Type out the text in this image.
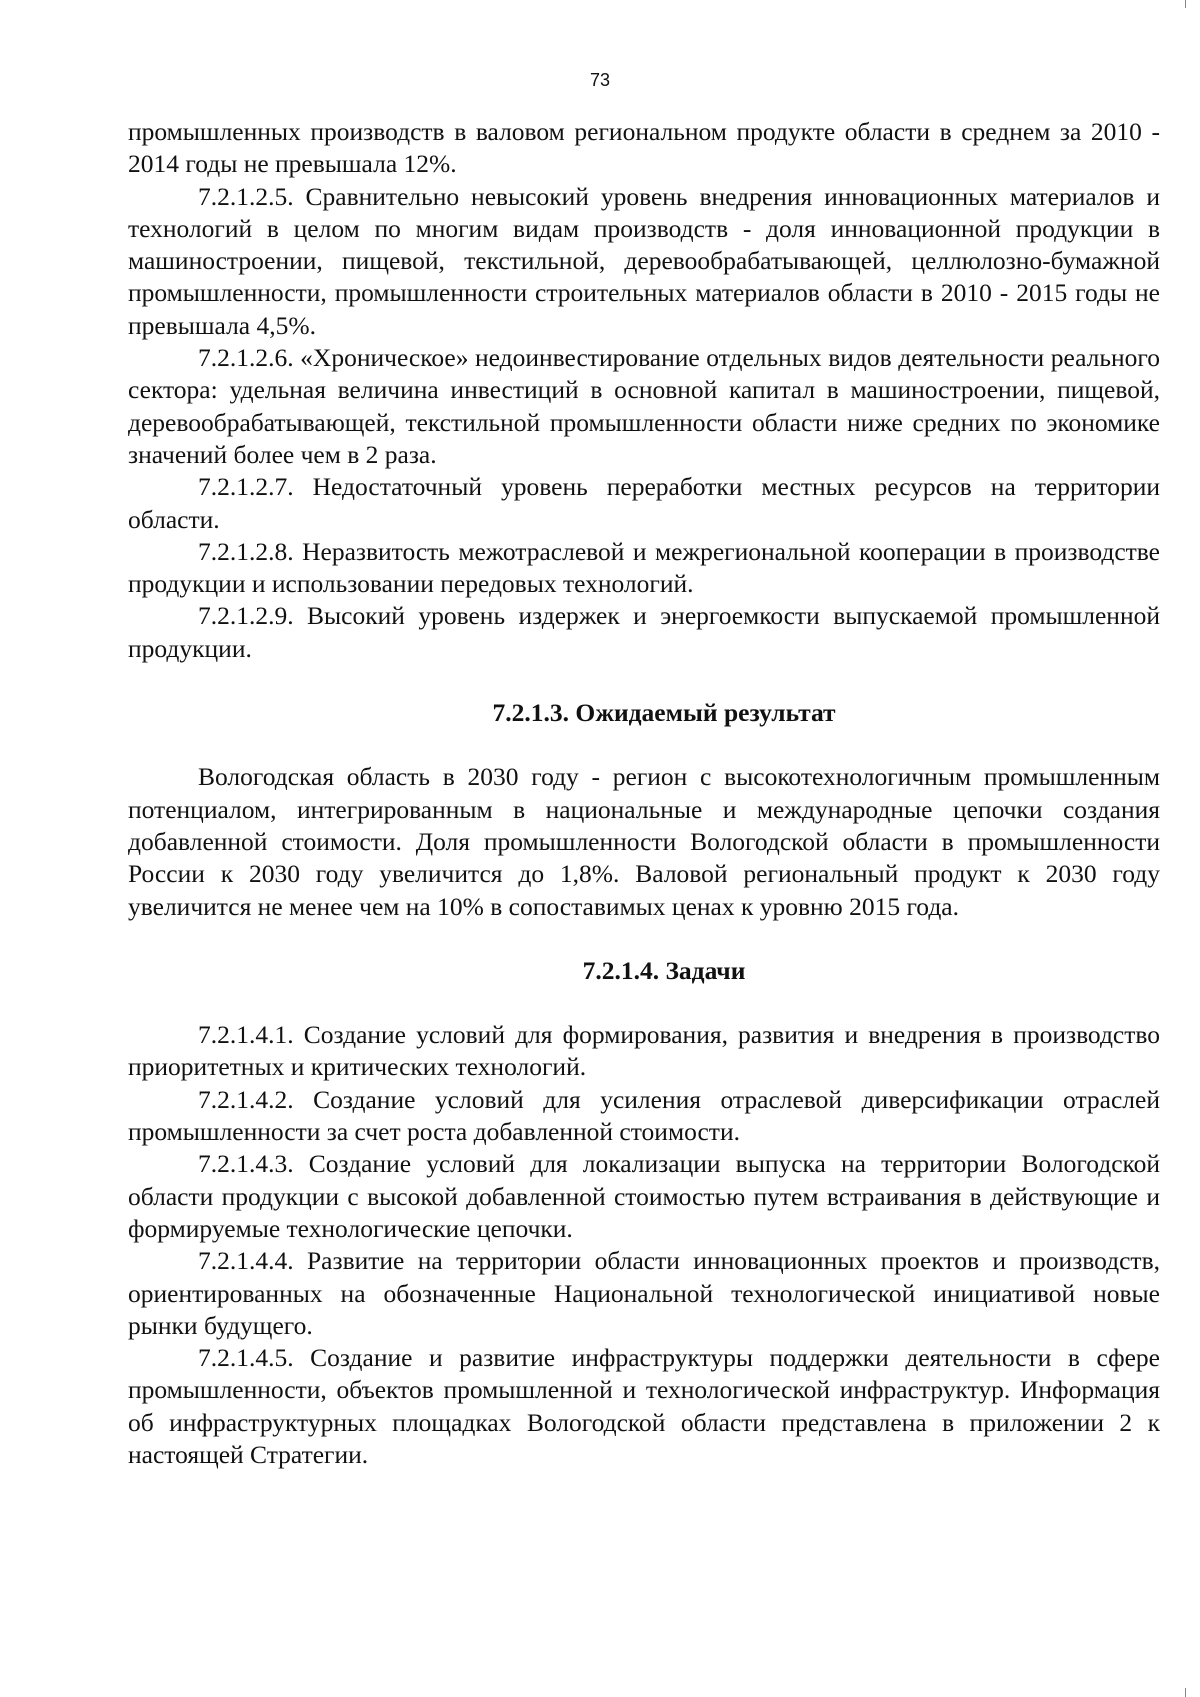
73

промышленных производств в валовом региональном продукте области в среднем за 2010 - 2014 годы не превышала 12%.

7.2.1.2.5. Сравнительно невысокий уровень внедрения инновационных материалов и технологий в целом по многим видам производств - доля инновационной продукции в машиностроении, пищевой, текстильной, деревообрабатывающей, целлюлозно-бумажной промышленности, промышленности строительных материалов области в 2010 - 2015 годы не превышала 4,5%.

7.2.1.2.6. «Хроническое» недоинвестирование отдельных видов деятельности реального сектора: удельная величина инвестиций в основной капитал в машиностроении, пищевой, деревообрабатывающей, текстильной промышленности области ниже средних по экономике значений более чем в 2 раза.

7.2.1.2.7. Недостаточный уровень переработки местных ресурсов на территории области.

7.2.1.2.8. Неразвитость межотраслевой и межрегиональной кооперации в производстве продукции и использовании передовых технологий.

7.2.1.2.9. Высокий уровень издержек и энергоемкости выпускаемой промышленной продукции.

7.2.1.3. Ожидаемый результат

Вологодская область в 2030 году - регион с высокотехнологичным промышленным потенциалом, интегрированным в национальные и международные цепочки создания добавленной стоимости. Доля промышленности Вологодской области в промышленности России к 2030 году увеличится до 1,8%. Валовой региональный продукт к 2030 году увеличится не менее чем на 10% в сопоставимых ценах к уровню 2015 года.

7.2.1.4. Задачи

7.2.1.4.1. Создание условий для формирования, развития и внедрения в производство приоритетных и критических технологий.

7.2.1.4.2. Создание условий для усиления отраслевой диверсификации отраслей промышленности за счет роста добавленной стоимости.

7.2.1.4.3. Создание условий для локализации выпуска на территории Вологодской области продукции с высокой добавленной стоимостью путем встраивания в действующие и формируемые технологические цепочки.

7.2.1.4.4. Развитие на территории области инновационных проектов и производств, ориентированных на обозначенные Национальной технологической инициативой новые рынки будущего.

7.2.1.4.5. Создание и развитие инфраструктуры поддержки деятельности в сфере промышленности, объектов промышленной и технологической инфраструктур. Информация об инфраструктурных площадках Вологодской области представлена в приложении 2 к настоящей Стратегии.
